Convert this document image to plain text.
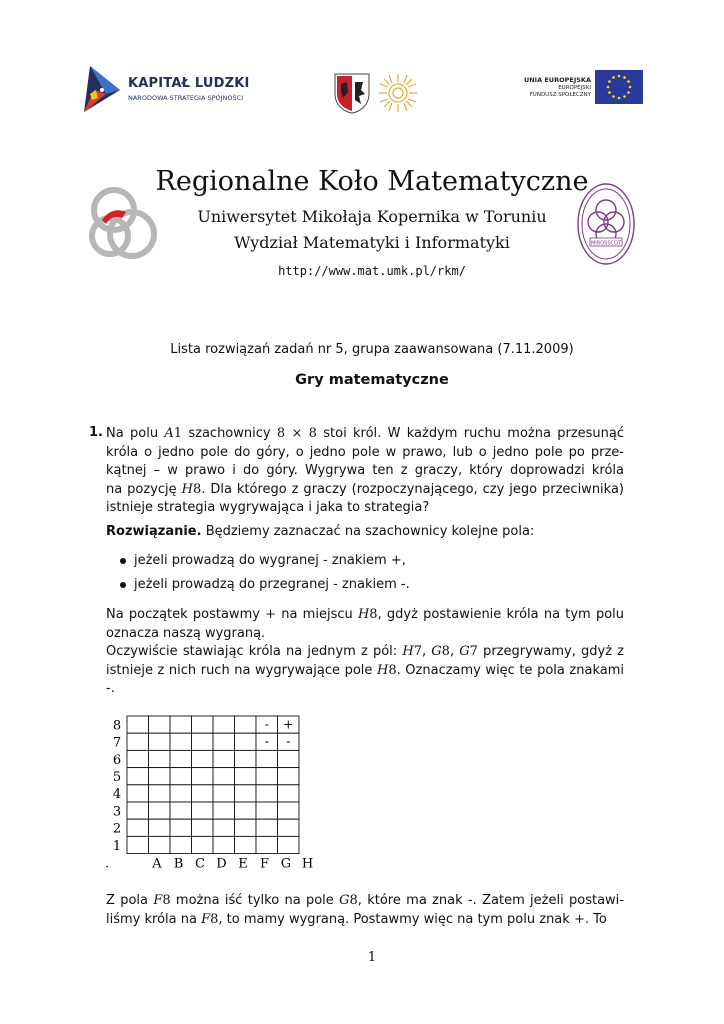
KAPITAŁ LUDZKI
NARODOWA STRATEGIA SPÓJNOŚCI
UNIA EUROPEJSKA
EUROPEJSKI
FUNDUSZ SPOŁECZNY
Regionalne Koło Matematyczne
Uniwersytet Mikołaja Kopernika w Toruniu
Wydział Matematyki i Informatyki
http://www.mat.umk.pl/rkm/
MIROSSCOT
Lista rozwiązań zadań nr 5, grupa zaawansowana (7.11.2009)
Gry matematyczne
1. Na polu A1 szachownicy 8 × 8 stoi król. W każdym ruchu można przesunąć
króla o jedno pole do góry, o jedno pole w prawo, lub o jedno pole po prze-
kątnej – w prawo i do góry. Wygrywa ten z graczy, który doprowadzi króla
na pozycję H8. Dla którego z graczy (rozpoczynającego, czy jego przeciwnika)
istnieje strategia wygrywająca i jaka to strategia?
Rozwiązanie. Będziemy zaznaczać na szachownicy kolejne pola:
jeżeli prowadzą do wygranej - znakiem +,
jeżeli prowadzą do przegranej - znakiem -.
Na początek postawmy + na miejscu H8, gdyż postawienie króla na tym polu
oznacza naszą wygraną.
Oczywiście stawiając króla na jednym z pól: H7, G8, G7 przegrywamy, gdyż z
istnieje z nich ruch na wygrywające pole H8. Oznaczamy więc te pola znakami
-.
8
7
6
5
4
3
2
1
A B C D E F G H
.
- +
- -
Z pola F8 można iść tylko na pole G8, które ma znak -. Zatem jeżeli postawi-
liśmy króla na F8, to mamy wygraną. Postawmy więc na tym polu znak +. To
1
